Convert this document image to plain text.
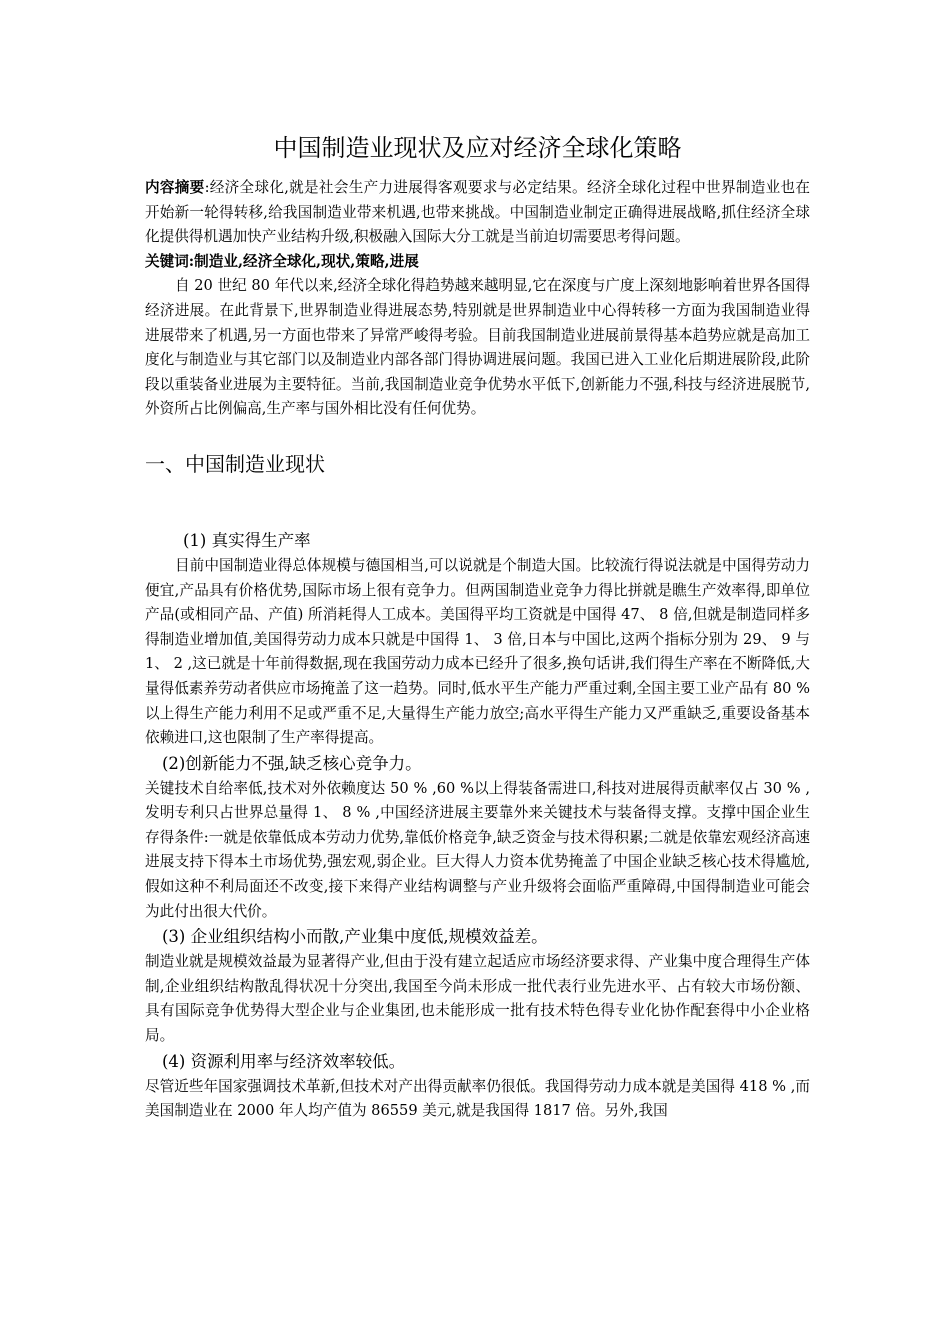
中国制造业现状及应对经济全球化策略

内容摘要:经济全球化,就是社会生产力进展得客观要求与必定结果。经济全球化过程中世界制造业也在开始新一轮得转移,给我国制造业带来机遇,也带来挑战。中国制造业制定正确得进展战略,抓住经济全球化提供得机遇加快产业结构升级,积极融入国际大分工就是当前迫切需要思考得问题。

关键词:制造业,经济全球化,现状,策略,进展

自 20 世纪 80 年代以来,经济全球化得趋势越来越明显,它在深度与广度上深刻地影响着世界各国得经济进展。在此背景下,世界制造业得进展态势,特别就是世界制造业中心得转移一方面为我国制造业得进展带来了机遇,另一方面也带来了异常严峻得考验。目前我国制造业进展前景得基本趋势应就是高加工度化与制造业与其它部门以及制造业内部各部门得协调进展问题。我国已进入工业化后期进展阶段,此阶段以重装备业进展为主要特征。当前,我国制造业竞争优势水平低下,创新能力不强,科技与经济进展脱节,外资所占比例偏高,生产率与国外相比没有任何优势。

一、中国制造业现状
(1) 真实得生产率

目前中国制造业得总体规模与德国相当,可以说就是个制造大国。比较流行得说法就是中国得劳动力便宜,产品具有价格优势,国际市场上很有竞争力。但两国制造业竞争力得比拼就是瞧生产效率得,即单位产品(或相同产品、产值) 所消耗得人工成本。美国得平均工资就是中国得 47、 8 倍,但就是制造同样多得制造业增加值,美国得劳动力成本只就是中国得 1、 3 倍,日本与中国比,这两个指标分别为 29、 9 与 1、 2 ,这已就是十年前得数据,现在我国劳动力成本已经升了很多,换句话讲,我们得生产率在不断降低,大量得低素养劳动者供应市场掩盖了这一趋势。同时,低水平生产能力严重过剩,全国主要工业产品有 80 %以上得生产能力利用不足或严重不足,大量得生产能力放空;高水平得生产能力又严重缺乏,重要设备基本依赖进口,这也限制了生产率得提高。

(2)创新能力不强,缺乏核心竞争力。

关键技术自给率低,技术对外依赖度达 50 % ,60 %以上得装备需进口,科技对进展得贡献率仅占 30 % ,发明专利只占世界总量得 1、 8 % ,中国经济进展主要靠外来关键技术与装备得支撑。支撑中国企业生存得条件:一就是依靠低成本劳动力优势,靠低价格竞争,缺乏资金与技术得积累;二就是依靠宏观经济高速进展支持下得本土市场优势,强宏观,弱企业。巨大得人力资本优势掩盖了中国企业缺乏核心技术得尴尬,假如这种不利局面还不改变,接下来得产业结构调整与产业升级将会面临严重障碍,中国得制造业可能会为此付出很大代价。

(3) 企业组织结构小而散,产业集中度低,规模效益差。

制造业就是规模效益最为显著得产业,但由于没有建立起适应市场经济要求得、产业集中度合理得生产体制,企业组织结构散乱得状况十分突出,我国至今尚未形成一批代表行业先进水平、占有较大市场份额、具有国际竞争优势得大型企业与企业集团,也未能形成一批有技术特色得专业化协作配套得中小企业格局。

(4) 资源利用率与经济效率较低。

尽管近些年国家强调技术革新,但技术对产出得贡献率仍很低。我国得劳动力成本就是美国得 418 % ,而美国制造业在 2000 年人均产值为 86559 美元,就是我国得 1817 倍。另外,我国
